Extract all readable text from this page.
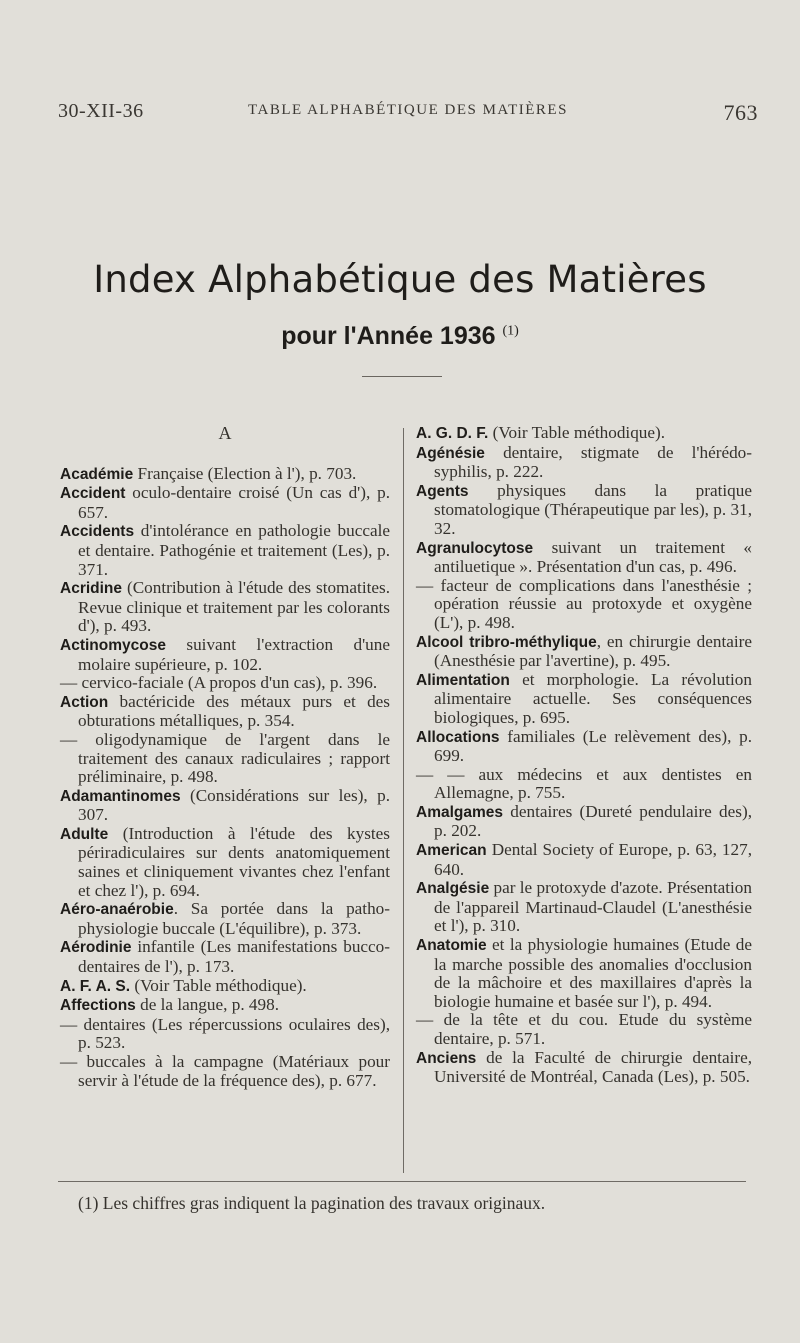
30-XII-36	TABLE ALPHABÉTIQUE DES MATIÈRES	763
Index Alphabétique des Matières
pour l'Année 1936 $^{(1)}$
A
Académie Française (Election à l'), p. 703.
Accident oculo-dentaire croisé (Un cas d'), p. 657.
Accidents d'intolérance en pathologie buccale et dentaire. Pathogénie et traitement (Les), p. 371.
Acridine (Contribution à l'étude des stomatites. Revue clinique et traitement par les colorants d'), p. 493.
Actinomycose suivant l'extraction d'une molaire supérieure, p. 102.
— cervico-faciale (A propos d'un cas), p. 396.
Action bactéricide des métaux purs et des obturations métalliques, p. 354.
— oligodynamique de l'argent dans le traitement des canaux radiculaires ; rapport préliminaire, p. 498.
Adamantinomes (Considérations sur les), p. 307.
Adulte (Introduction à l'étude des kystes périradiculaires sur dents anatomiquement saines et cliniquement vivantes chez l'enfant et chez l'), p. 694.
Aéro-anaérobie. Sa portée dans la patho-physiologie buccale (L'équilibre), p. 373.
Aérodinie infantile (Les manifestations bucco-dentaires de l'), p. 173.
A. F. A. S. (Voir Table méthodique).
Affections de la langue, p. 498.
— dentaires (Les répercussions oculaires des), p. 523.
— buccales à la campagne (Matériaux pour servir à l'étude de la fréquence des), p. 677.
A. G. D. F. (Voir Table méthodique).
Agénésie dentaire, stigmate de l'hérédo-syphilis, p. 222.
Agents physiques dans la pratique stomatologique (Thérapeutique par les), p. 31, 32.
Agranulocytose suivant un traitement « antiluetique ». Présentation d'un cas, p. 496.
— facteur de complications dans l'anesthésie ; opération réussie au protoxyde et oxygène (L'), p. 498.
Alcool tribro-méthylique, en chirurgie dentaire (Anesthésie par l'avertine), p. 495.
Alimentation et morphologie. La révolution alimentaire actuelle. Ses conséquences biologiques, p. 695.
Allocations familiales (Le relèvement des), p. 699.
— — aux médecins et aux dentistes en Allemagne, p. 755.
Amalgames dentaires (Dureté pendulaire des), p. 202.
American Dental Society of Europe, p. 63, 127, 640.
Analgésie par le protoxyde d'azote. Présentation de l'appareil Martinaud-Claudel (L'anesthésie et l'), p. 310.
Anatomie et la physiologie humaines (Etude de la marche possible des anomalies d'occlusion de la mâchoire et des maxillaires d'après la biologie humaine et basée sur l'), p. 494.
— de la tête et du cou. Etude du système dentaire, p. 571.
Anciens de la Faculté de chirurgie dentaire, Université de Montréal, Canada (Les), p. 505.
(1) Les chiffres gras indiquent la pagination des travaux originaux.
